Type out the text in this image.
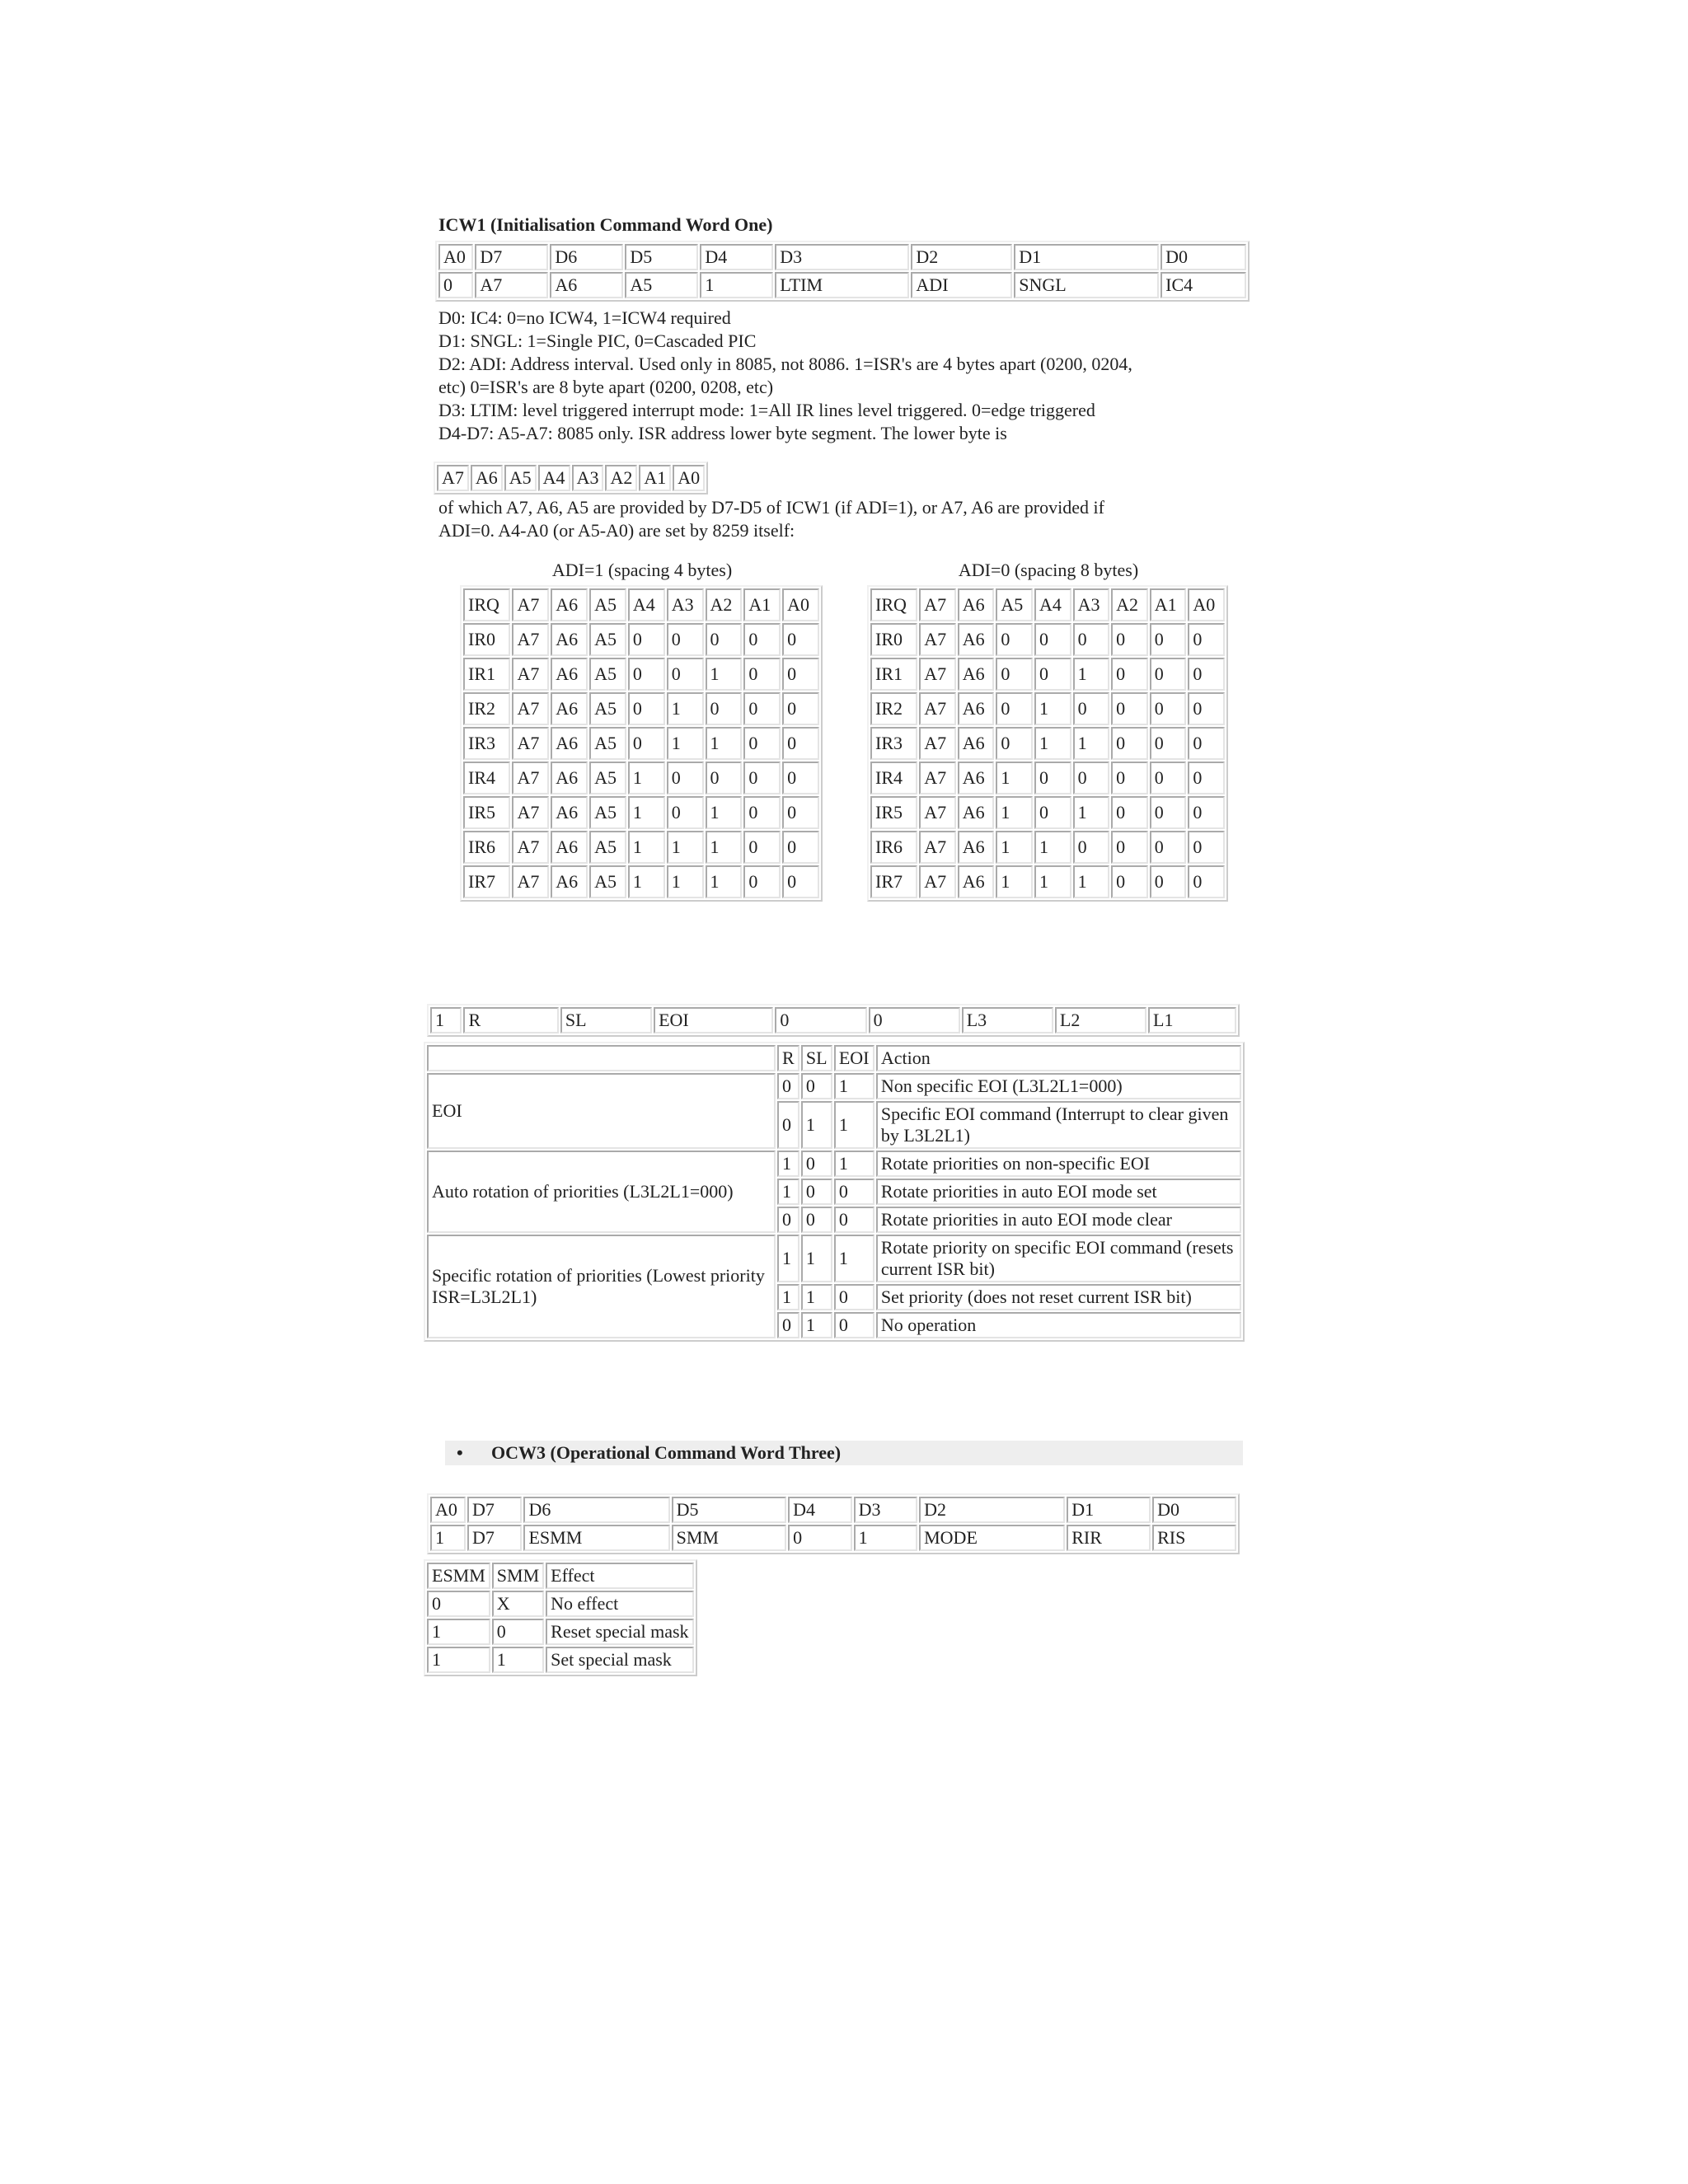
ICW1 (Initialisation Command Word One)
A0	D7	D6	D5	D4	D3	D2	D1	D0
0	A7	A6	A5	1	LTIM	ADI	SNGL	IC4
D0: IC4: 0=no ICW4, 1=ICW4 required
D1: SNGL: 1=Single PIC, 0=Cascaded PIC
D2: ADI: Address interval. Used only in 8085, not 8086. 1=ISR's are 4 bytes apart (0200, 0204,
etc) 0=ISR's are 8 byte apart (0200, 0208, etc)
D3: LTIM: level triggered interrupt mode: 1=All IR lines level triggered. 0=edge triggered
D4-D7: A5-A7: 8085 only. ISR address lower byte segment. The lower byte is
A7	A6	A5	A4	A3	A2	A1	A0
of which A7, A6, A5 are provided by D7-D5 of ICW1 (if ADI=1), or A7, A6 are provided if
ADI=0. A4-A0 (or A5-A0) are set by 8259 itself:
ADI=1 (spacing 4 bytes)
IRQ	A7	A6	A5	A4	A3	A2	A1	A0
IR0	A7	A6	A5	0	0	0	0	0
IR1	A7	A6	A5	0	0	1	0	0
IR2	A7	A6	A5	0	1	0	0	0
IR3	A7	A6	A5	0	1	1	0	0
IR4	A7	A6	A5	1	0	0	0	0
IR5	A7	A6	A5	1	0	1	0	0
IR6	A7	A6	A5	1	1	1	0	0
IR7	A7	A6	A5	1	1	1	0	0
ADI=0 (spacing 8 bytes)
IRQ	A7	A6	A5	A4	A3	A2	A1	A0
IR0	A7	A6	0	0	0	0	0	0
IR1	A7	A6	0	0	1	0	0	0
IR2	A7	A6	0	1	0	0	0	0
IR3	A7	A6	0	1	1	0	0	0
IR4	A7	A6	1	0	0	0	0	0
IR5	A7	A6	1	0	1	0	0	0
IR6	A7	A6	1	1	0	0	0	0
IR7	A7	A6	1	1	1	0	0	0
1	R	SL	EOI	0	0	L3	L2	L1
	R	SL	EOI	Action
EOI	0	0	1	Non specific EOI (L3L2L1=000)
	0	1	1	Specific EOI command (Interrupt to clear given by L3L2L1)
Auto rotation of priorities (L3L2L1=000)	1	0	1	Rotate priorities on non-specific EOI
	1	0	0	Rotate priorities in auto EOI mode set
	0	0	0	Rotate priorities in auto EOI mode clear
Specific rotation of priorities (Lowest priority ISR=L3L2L1)	1	1	1	Rotate priority on specific EOI command (resets current ISR bit)
	1	1	0	Set priority (does not reset current ISR bit)
	0	1	0	No operation
• OCW3 (Operational Command Word Three)
A0	D7	D6	D5	D4	D3	D2	D1	D0
1	D7	ESMM	SMM	0	1	MODE	RIR	RIS
ESMM	SMM	Effect
0	X	No effect
1	0	Reset special mask
1	1	Set special mask
